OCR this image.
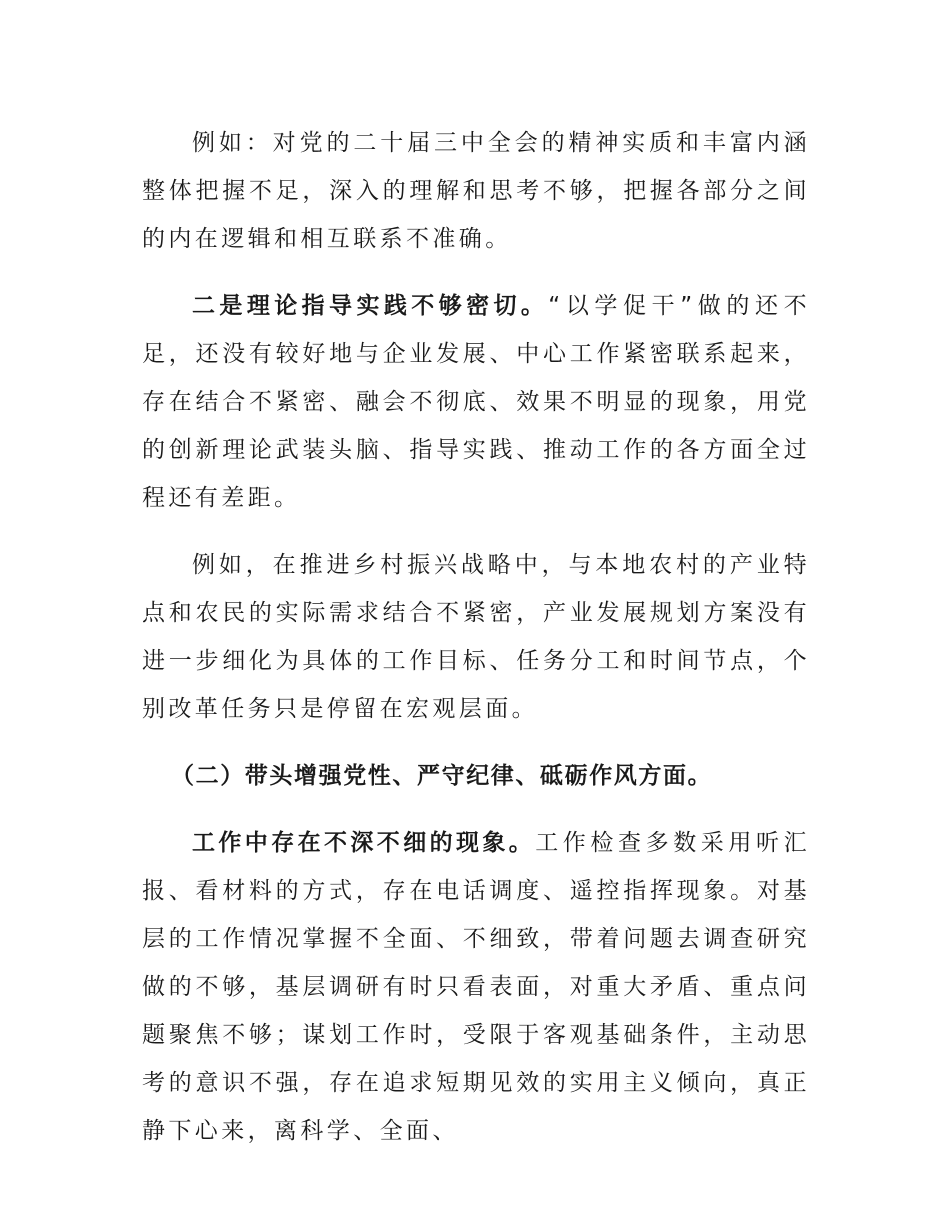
例如：对党的二十届三中全会的精神实质和丰富内涵整体把握不足，深入的理解和思考不够，把握各部分之间的内在逻辑和相互联系不准确。

二是理论指导实践不够密切。“以学促干”做的还不足，还没有较好地与企业发展、中心工作紧密联系起来，存在结合不紧密、融会不彻底、效果不明显的现象，用党的创新理论武装头脑、指导实践、推动工作的各方面全过程还有差距。

例如，在推进乡村振兴战略中，与本地农村的产业特点和农民的实际需求结合不紧密，产业发展规划方案没有进一步细化为具体的工作目标、任务分工和时间节点，个别改革任务只是停留在宏观层面。

（二）带头增强党性、严守纪律、砥砺作风方面。

工作中存在不深不细的现象。工作检查多数采用听汇报、看材料的方式，存在电话调度、遥控指挥现象。对基层的工作情况掌握不全面、不细致，带着问题去调查研究做的不够，基层调研有时只看表面，对重大矛盾、重点问题聚焦不够；谋划工作时，受限于客观基础条件，主动思考的意识不强，存在追求短期见效的实用主义倾向，真正静下心来，离科学、全面、
